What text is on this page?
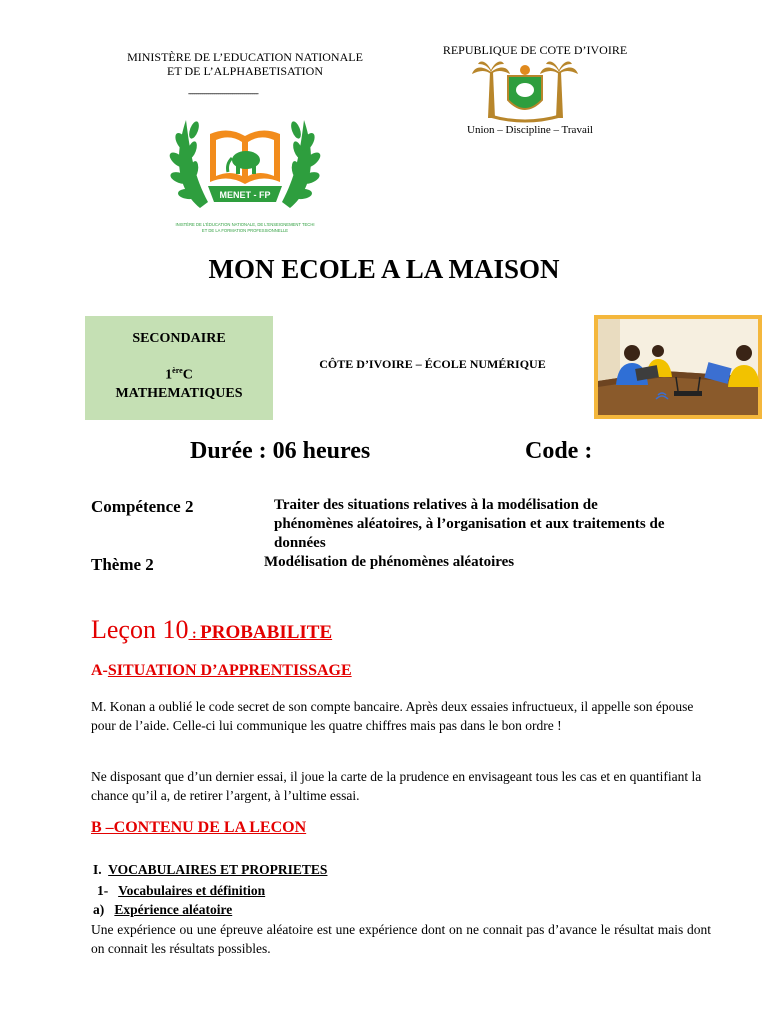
MINISTÈRE DE L’EDUCATION NATIONALE
ET DE L’ALPHABETISATION
-----------------------------------
REPUBLIQUE DE COTE D’IVOIRE
Union – Discipline – Travail
MENET - FP
INISTÈRE DE L'ÉDUCATION NATIONALE, DE L'ENSEIGNEMENT TECHI
ET DE LA FORMATION PROFESSIONNELLE
MON ECOLE A LA MAISON
SECONDAIRE
1èreC
MATHEMATIQUES
CÔTE D’IVOIRE – ÉCOLE NUMÉRIQUE
Durée : 06 heures	Code :
Compétence 2	Traiter des situations relatives à la modélisation de phénomènes aléatoires, à l’organisation et aux traitements de données
Thème 2	Modélisation de phénomènes aléatoires
Leçon 10 : PROBABILITE
A-SITUATION D’APPRENTISSAGE

M. Konan a oublié le code secret de son compte bancaire. Après deux essaies infructueux, il appelle son épouse pour de l’aide. Celle-ci lui communique les quatre chiffres mais pas dans le bon ordre !

Ne disposant que d’un dernier essai, il joue la carte de la prudence en envisageant tous les cas et en quantifiant la chance qu’il a, de retirer l’argent, à l’ultime essai.

B –CONTENU DE LA LECON
I. VOCABULAIRES ET PROPRIETES
1- Vocabulaires et définition
a) Expérience aléatoire

Une expérience ou une épreuve aléatoire est une expérience dont on ne connait pas d’avance le résultat mais dont on connait les résultats possibles.
